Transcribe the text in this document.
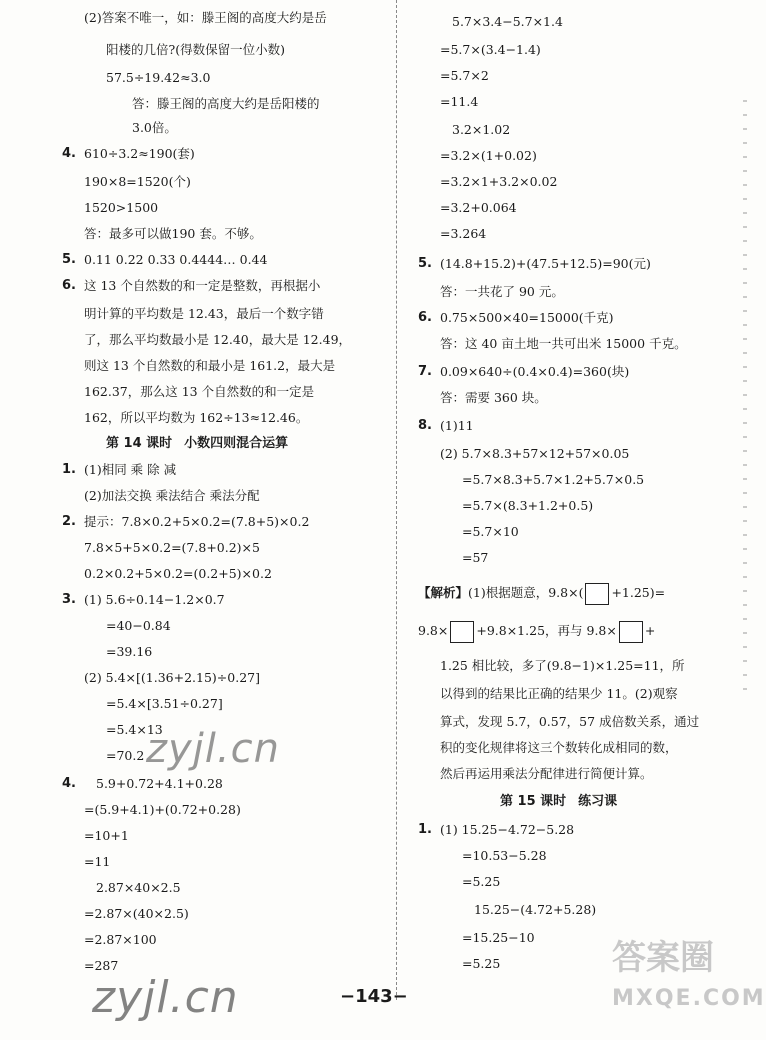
(2)答案不唯一，如：滕王阁的高度大约是岳
阳楼的几倍?(得数保留一位小数)
57.5÷19.42≈3.0
答：滕王阁的高度大约是岳阳楼的
3.0倍。
4. 610÷3.2≈190(套)
190×8=1520(个)
1520>1500
答：最多可以做190 套。不够。
5. 0.11 0.22 0.33 0.4444… 0.44
6. 这 13 个自然数的和一定是整数，再根据小
明计算的平均数是 12.43，最后一个数字错
了，那么平均数最小是 12.40，最大是 12.49，
则这 13 个自然数的和最小是 161.2，最大是
162.37，那么这 13 个自然数的和一定是
162，所以平均数为 162÷13≈12.46。
第 14 课时 小数四则混合运算
1. (1)相同 乘 除 减
(2)加法交换 乘法结合 乘法分配
2. 提示：7.8×0.2+5×0.2=(7.8+5)×0.2
7.8×5+5×0.2=(7.8+0.2)×5
0.2×0.2+5×0.2=(0.2+5)×0.2
3. (1) 5.6÷0.14−1.2×0.7
=40−0.84
=39.16
(2) 5.4×[(1.36+2.15)÷0.27]
=5.4×[3.51÷0.27]
=5.4×13
=70.2
4. 5.9+0.72+4.1+0.28
=(5.9+4.1)+(0.72+0.28)
=10+1
=11
2.87×40×2.5
=2.87×(40×2.5)
=2.87×100
=287
5.7×3.4−5.7×1.4
=5.7×(3.4−1.4)
=5.7×2
=11.4
3.2×1.02
=3.2×(1+0.02)
=3.2×1+3.2×0.02
=3.2+0.064
=3.264
5. (14.8+15.2)+(47.5+12.5)=90(元)
答：一共花了 90 元。
6. 0.75×500×40=15000(千克)
答：这 40 亩土地一共可出米 15000 千克。
7. 0.09×640÷(0.4×0.4)=360(块)
答：需要 360 块。
8. (1)11
(2) 5.7×8.3+57×12+57×0.05
=5.7×8.3+5.7×1.2+5.7×0.5
=5.7×(8.3+1.2+0.5)
=5.7×10
=57
【解析】(1)根据题意，9.8×( +1.25)=
9.8× +9.8×1.25，再与 9.8× +
1.25 相比较，多了(9.8−1)×1.25=11，所
以得到的结果比正确的结果少 11。(2)观察
算式，发现 5.7，0.57，57 成倍数关系，通过
积的变化规律将这三个数转化成相同的数，
然后再运用乘法分配律进行简便计算。
第 15 课时 练习课
1. (1) 15.25−4.72−5.28
=10.53−5.28
=5.25
15.25−(4.72+5.28)
=15.25−10
=5.25
−143−
zyjl.cn
zyjl.cn
答案圈
MXQE.COM
